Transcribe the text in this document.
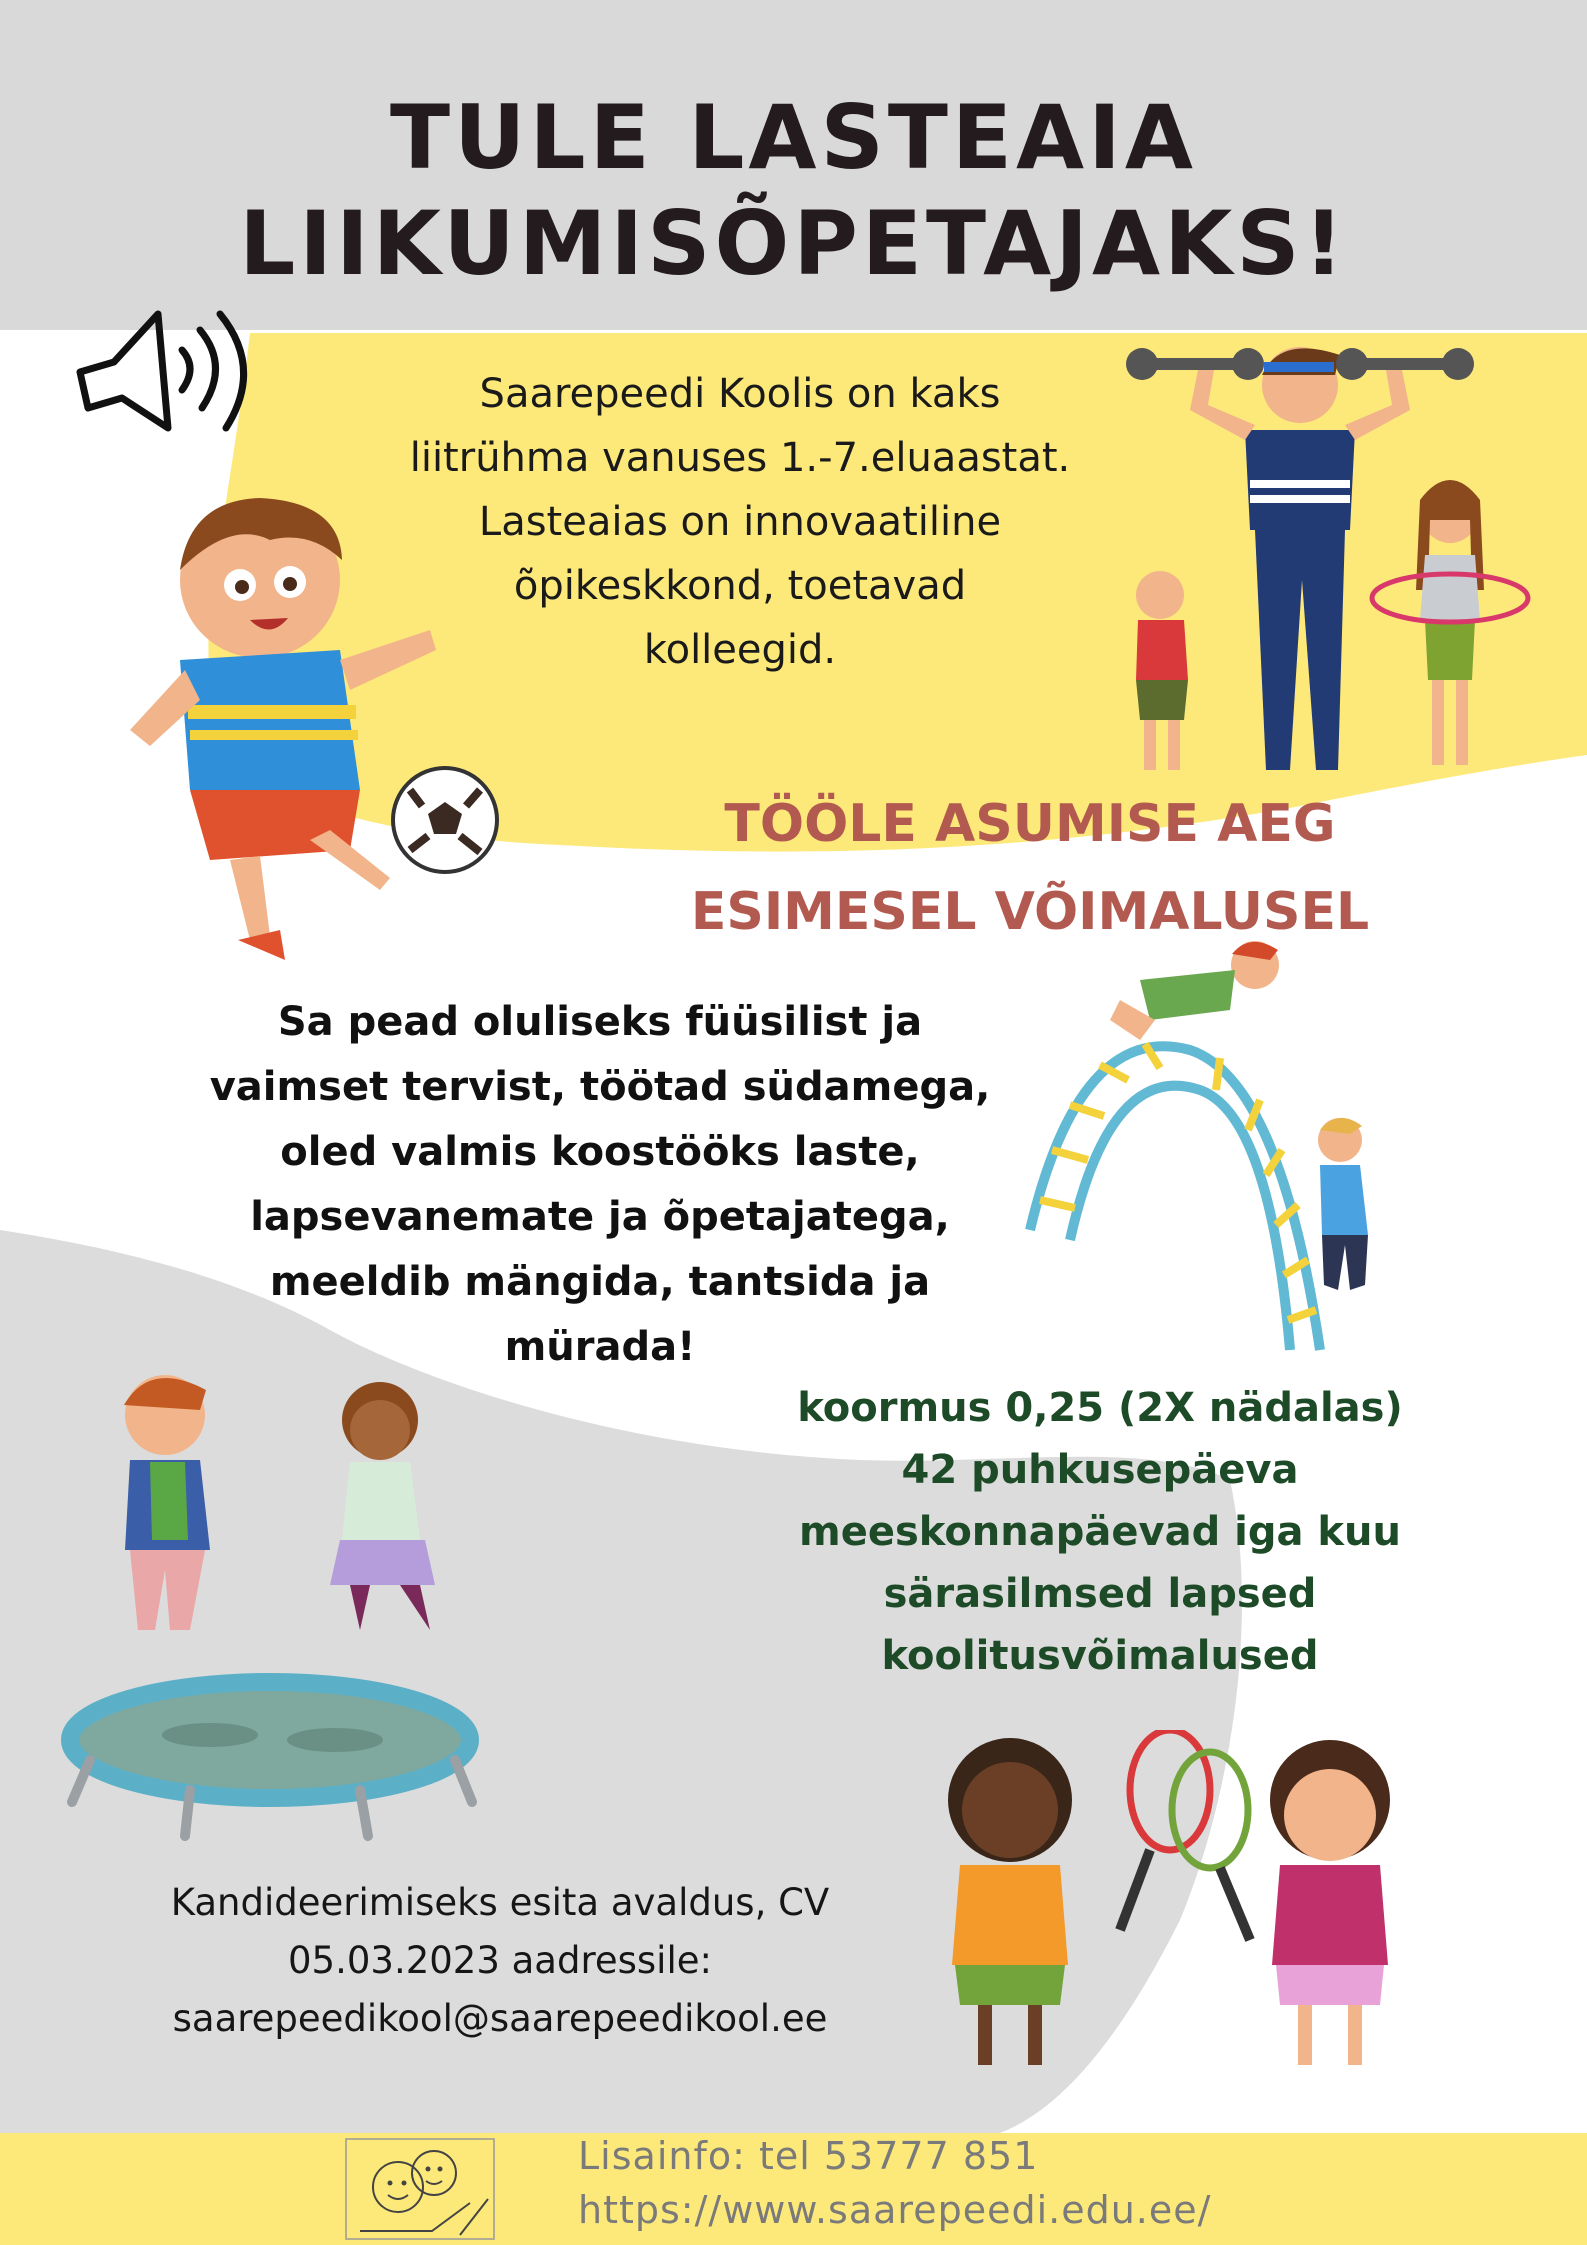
TULE LASTEAIA
LIIKUMISÕPETAJAKS!
Saarepeedi Koolis on kaks
liitrühma vanuses 1.-7.eluaastat.
Lasteaias on innovaatiline
õpikeskkond, toetavad
kolleegid.
TÖÖLE ASUMISE AEG
ESIMESEL VÕIMALUSEL
Sa pead oluliseks füüsilist ja
vaimset tervist, töötad südamega,
oled valmis koostööks laste,
lapsevanemate ja õpetajatega,
meeldib mängida, tantsida ja
mürada!
koormus 0,25 (2X nädalas)
42 puhkusepäeva
meeskonnapäevad iga kuu
särasilmsed lapsed
koolitusvõimalused
Kandideerimiseks esita avaldus, CV
05.03.2023 aadressile:
saarepeedikool@saarepeedikool.ee

Lisainfo: tel 53777 851

https://www.saarepeedi.edu.ee/
